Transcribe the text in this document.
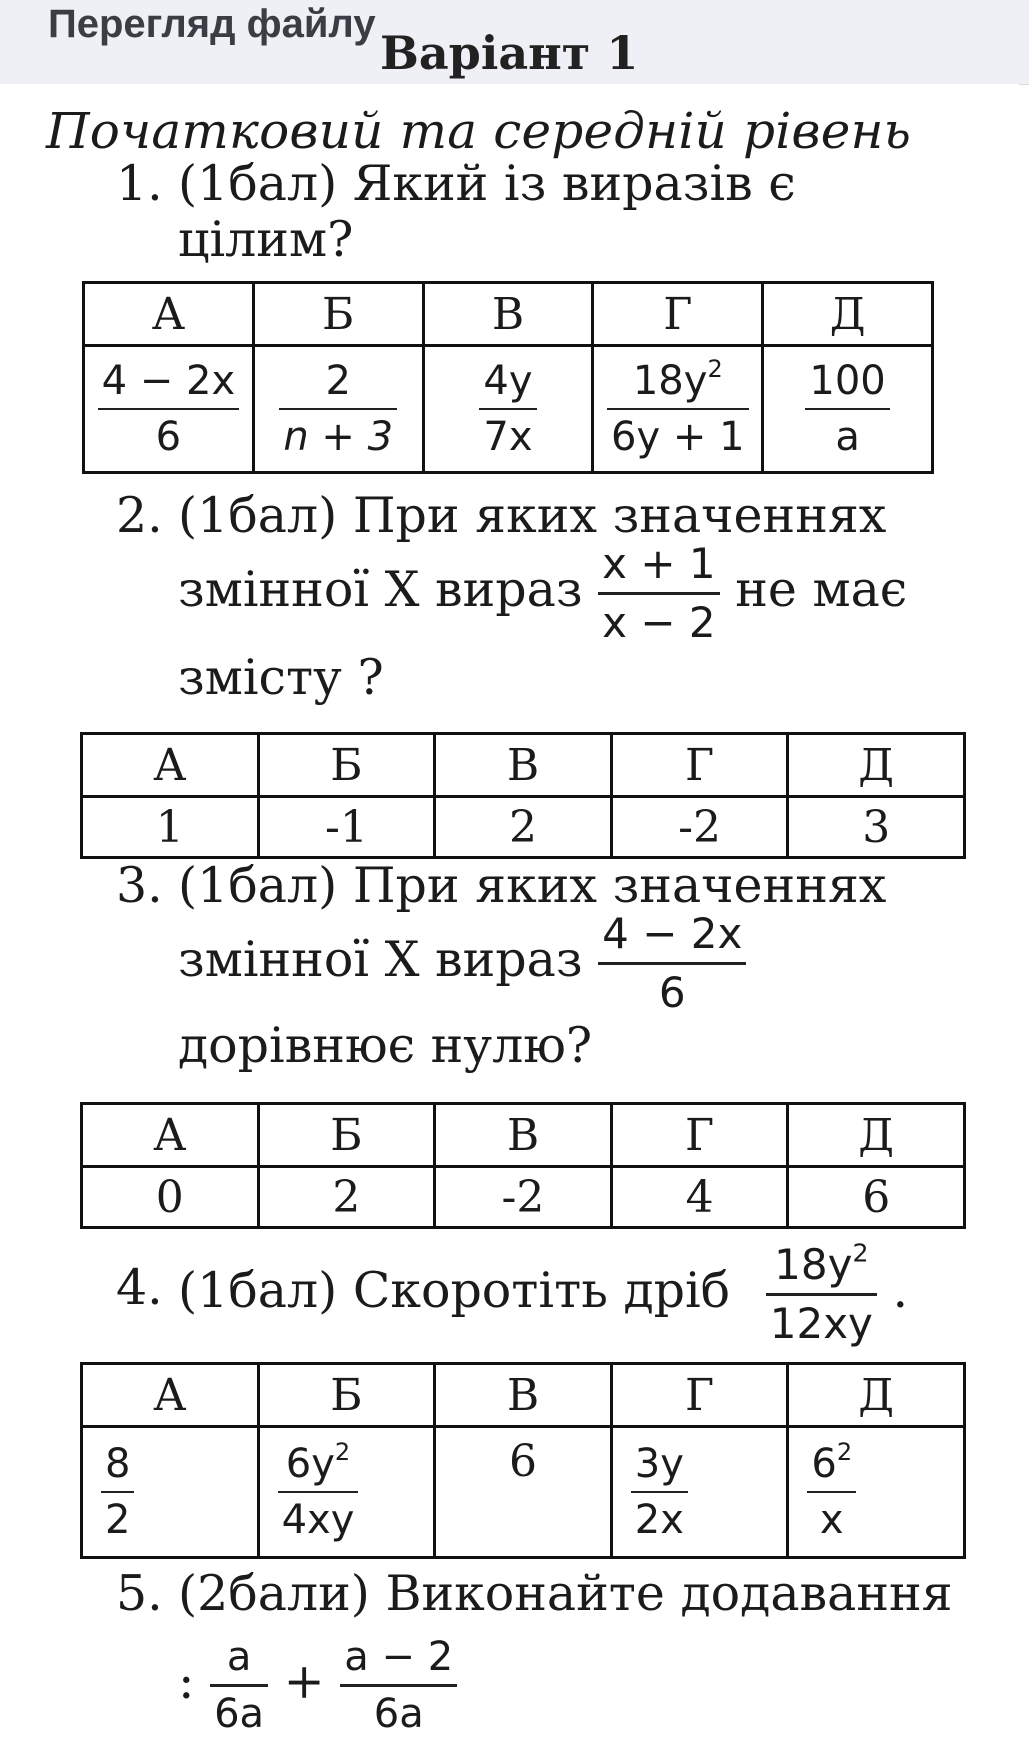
Перегляд файлу
Варіант 1
Початковий та середній рівень
1. (1бал) Який із виразів є
цілим?
А	Б	В	Г	Д

$\frac{4 - 2x}{6}$	$\frac{2}{n + 3}$	$\frac{4y}{7x}$	$\frac{18y^2}{6y + 1}$	$\frac{100}{a}$
2. (1бал) При яких значеннях
змінної Х вираз $\frac{x + 1}{x - 2}$ не має
змісту ?
А	Б	В	Г	Д
1	-1	2	-2	3
3. (1бал) При яких значеннях
змінної Х вираз $\frac{4 - 2x}{6}$
дорівнює нулю?
А	Б	В	Г	Д
0	2	-2	4	6
4. (1бал) Скоротіть дріб $\frac{18y^2}{12xy}$ .
А	Б	В	Г	Д

$\frac{8}{2}$	$\frac{6y^2}{4xy}$	6	$\frac{3y}{2x}$	$\frac{6^2}{x}$
5. (2бали) Виконайте додавання
: $\frac{a}{6a} + \frac{a - 2}{6a}$
